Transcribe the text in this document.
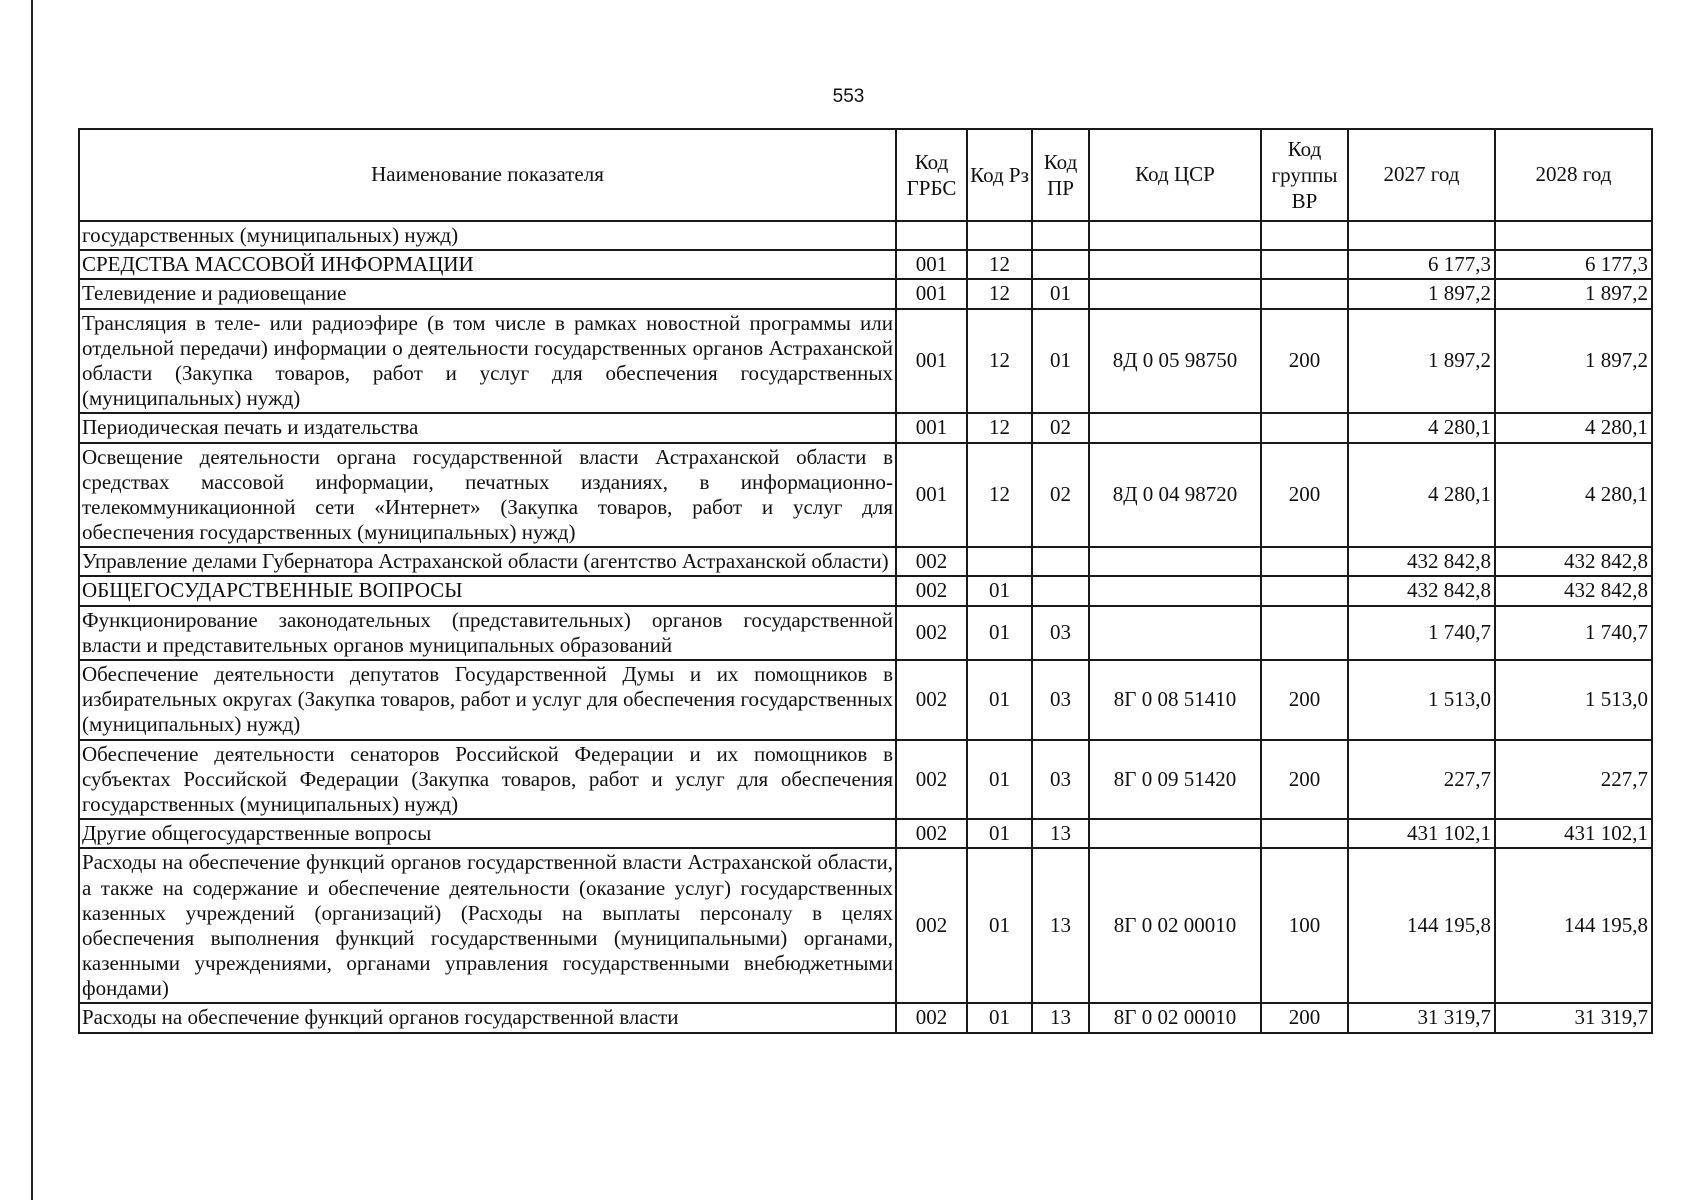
553
Наименование показателя	Код ГРБС	Код Рз	Код ПР	Код ЦСР	Код группы ВР	2027 год	2028 год
государственных (муниципальных) нужд)							
СРЕДСТВА МАССОВОЙ ИНФОРМАЦИИ	001	12				6 177,3	6 177,3
Телевидение и радиовещание	001	12	01			1 897,2	1 897,2
Трансляция в теле- или радиоэфире (в том числе в рамках новостной программы или отдельной передачи) информации о деятельности государственных органов Астраханской области (Закупка товаров, работ и услуг для обеспечения государственных (муниципальных) нужд)	001	12	01	8Д 0 05 98750	200	1 897,2	1 897,2
Периодическая печать и издательства	001	12	02			4 280,1	4 280,1
Освещение деятельности органа государственной власти Астраханской области в средствах массовой информации, печатных изданиях, в информационно-телекоммуникационной сети «Интернет» (Закупка товаров, работ и услуг для обеспечения государственных (муниципальных) нужд)	001	12	02	8Д 0 04 98720	200	4 280,1	4 280,1
Управление делами Губернатора Астраханской области (агентство Астраханской области)	002					432 842,8	432 842,8
ОБЩЕГОСУДАРСТВЕННЫЕ ВОПРОСЫ	002	01				432 842,8	432 842,8
Функционирование законодательных (представительных) органов государственной власти и представительных органов муниципальных образований	002	01	03			1 740,7	1 740,7
Обеспечение деятельности депутатов Государственной Думы и их помощников в избирательных округах (Закупка товаров, работ и услуг для обеспечения государственных (муниципальных) нужд)	002	01	03	8Г 0 08 51410	200	1 513,0	1 513,0
Обеспечение деятельности сенаторов Российской Федерации и их помощников в субъектах Российской Федерации (Закупка товаров, работ и услуг для обеспечения государственных (муниципальных) нужд)	002	01	03	8Г 0 09 51420	200	227,7	227,7
Другие общегосударственные вопросы	002	01	13			431 102,1	431 102,1
Расходы на обеспечение функций органов государственной власти Астраханской области, а также на содержание и обеспечение деятельности (оказание услуг) государственных казенных учреждений (организаций) (Расходы на выплаты персоналу в целях обеспечения выполнения функций государственными (муниципальными) органами, казенными учреждениями, органами управления государственными внебюджетными фондами)	002	01	13	8Г 0 02 00010	100	144 195,8	144 195,8
Расходы на обеспечение функций органов государственной власти	002	01	13	8Г 0 02 00010	200	31 319,7	31 319,7
